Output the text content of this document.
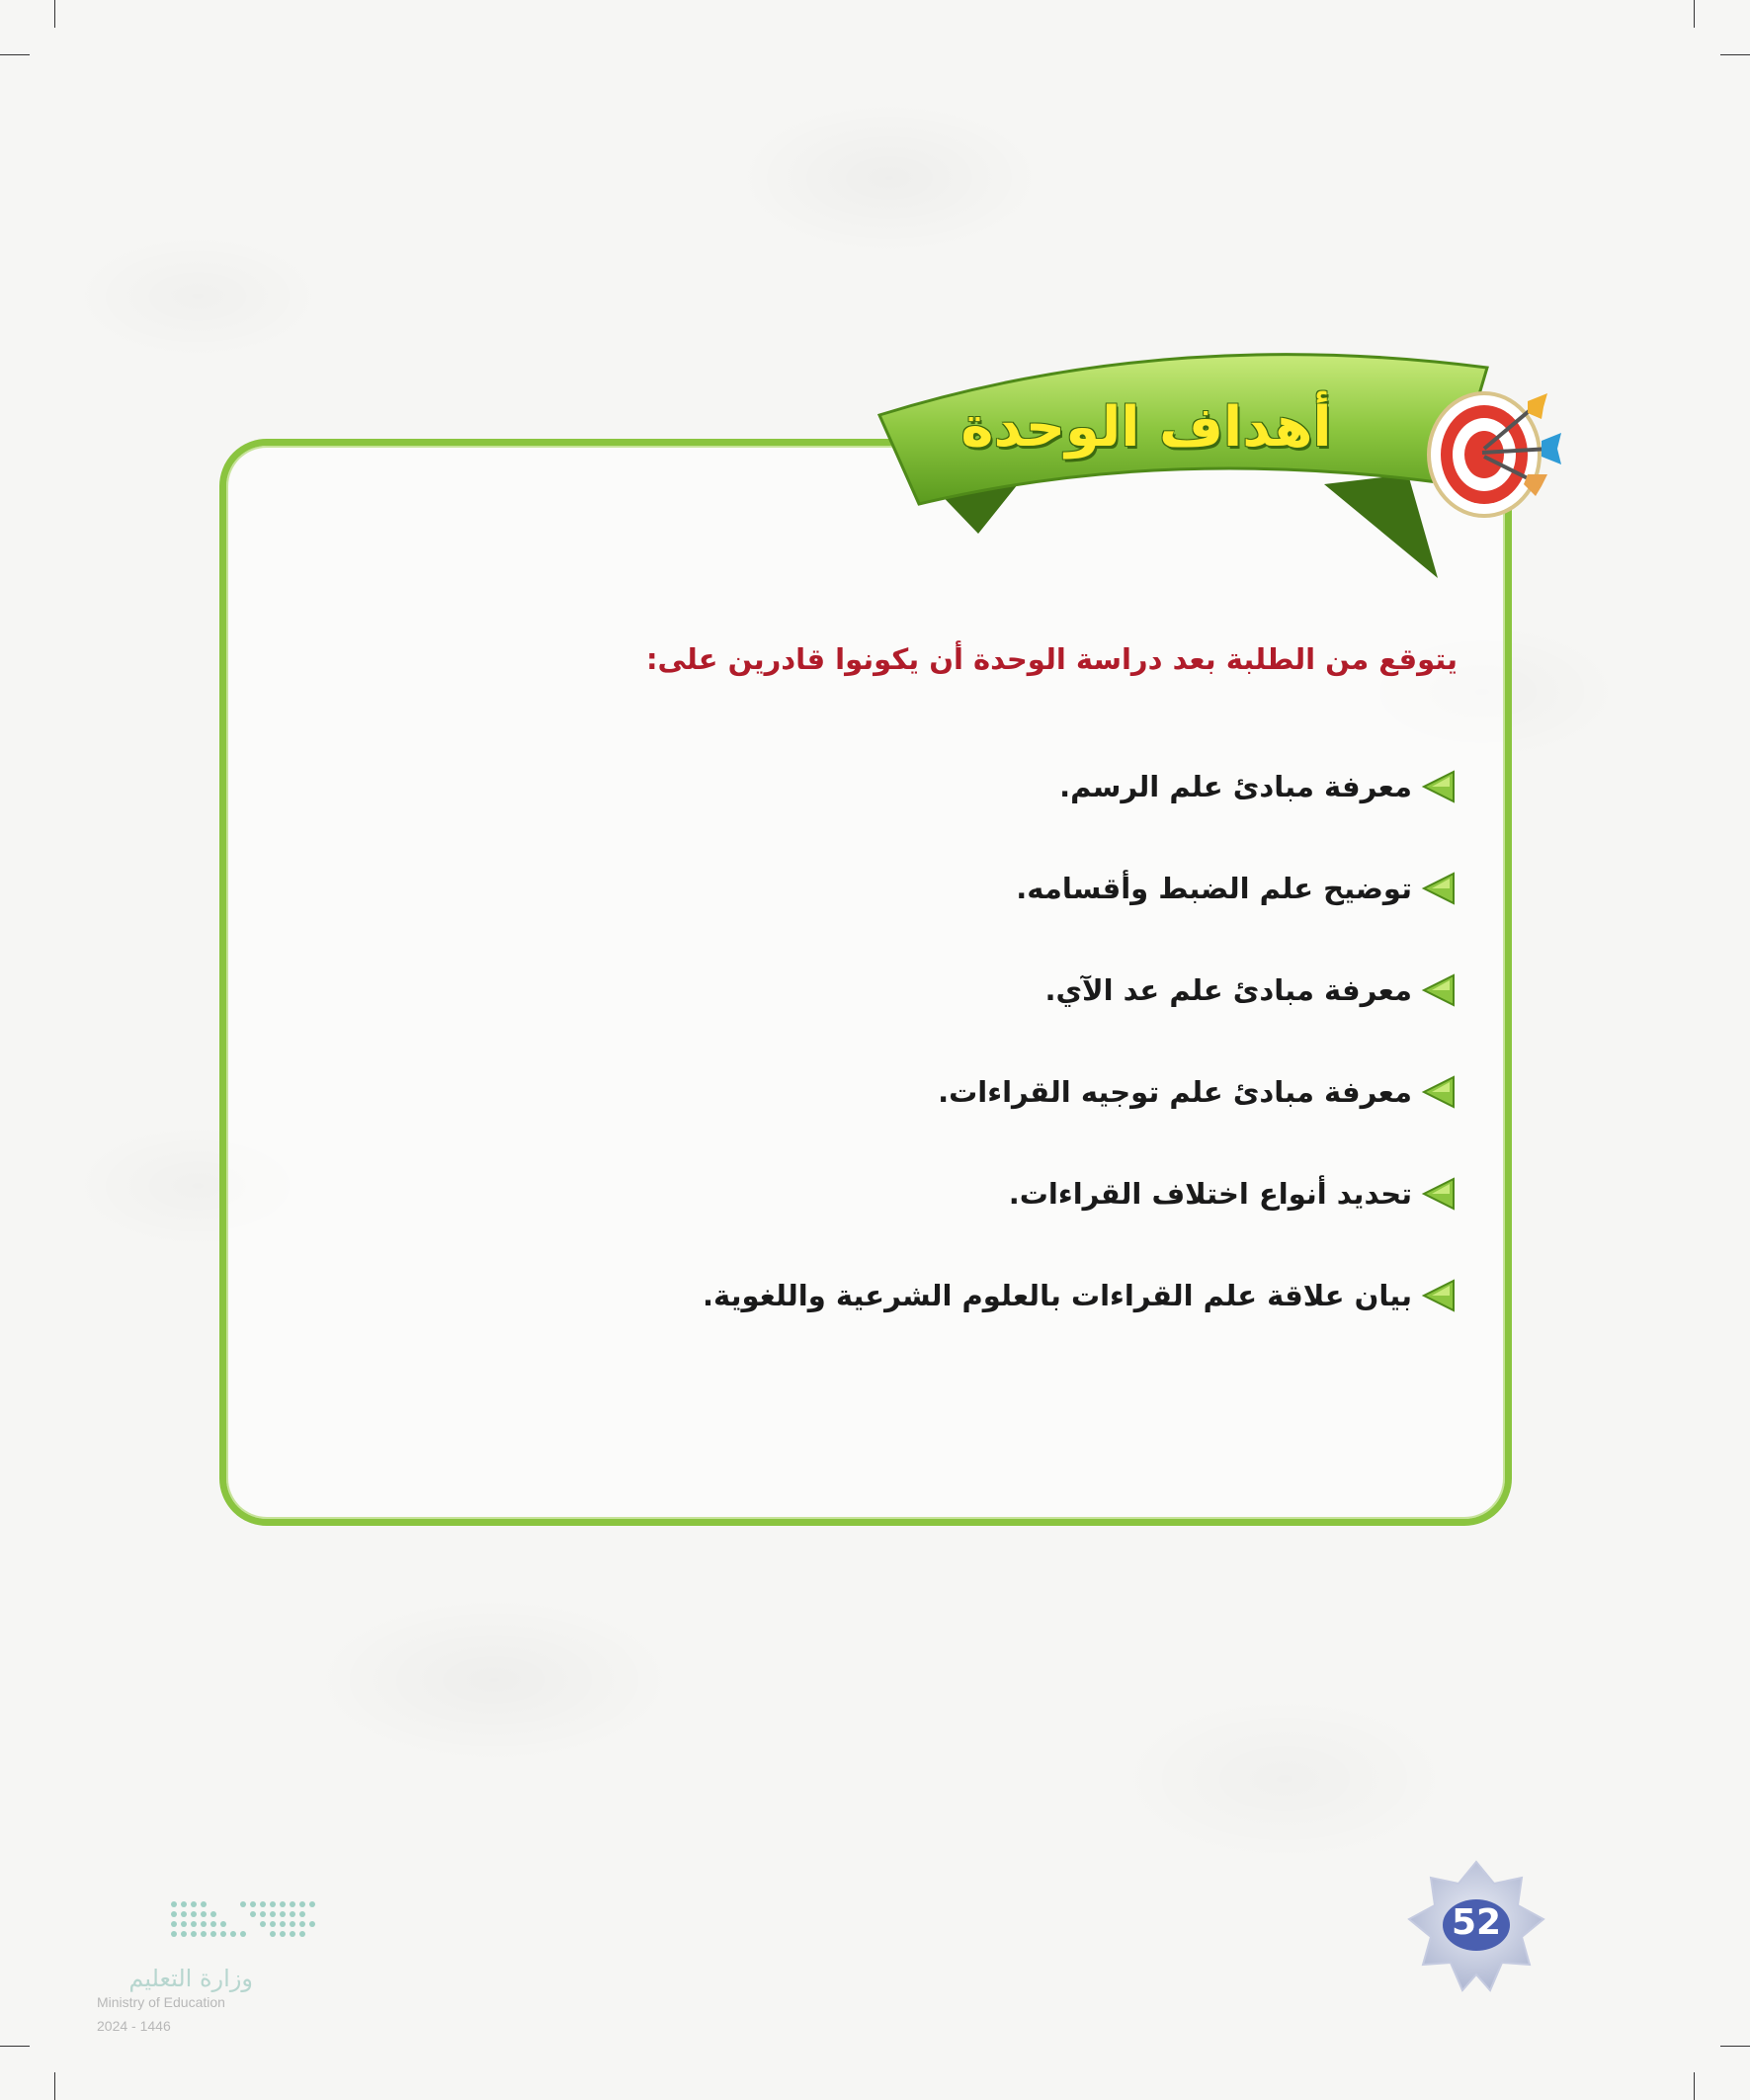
أهداف الوحدة

يتوقع من الطلبة بعد دراسة الوحدة أن يكونوا قادرين على:

معرفة مبادئ علم الرسم.
توضيح علم الضبط وأقسامه.
معرفة مبادئ علم عد الآي.
معرفة مبادئ علم توجيه القراءات.
تحديد أنواع اختلاف القراءات.
بيان علاقة علم القراءات بالعلوم الشرعية واللغوية.
52
وزارة التعليم
Ministry of Education
2024 - 1446
